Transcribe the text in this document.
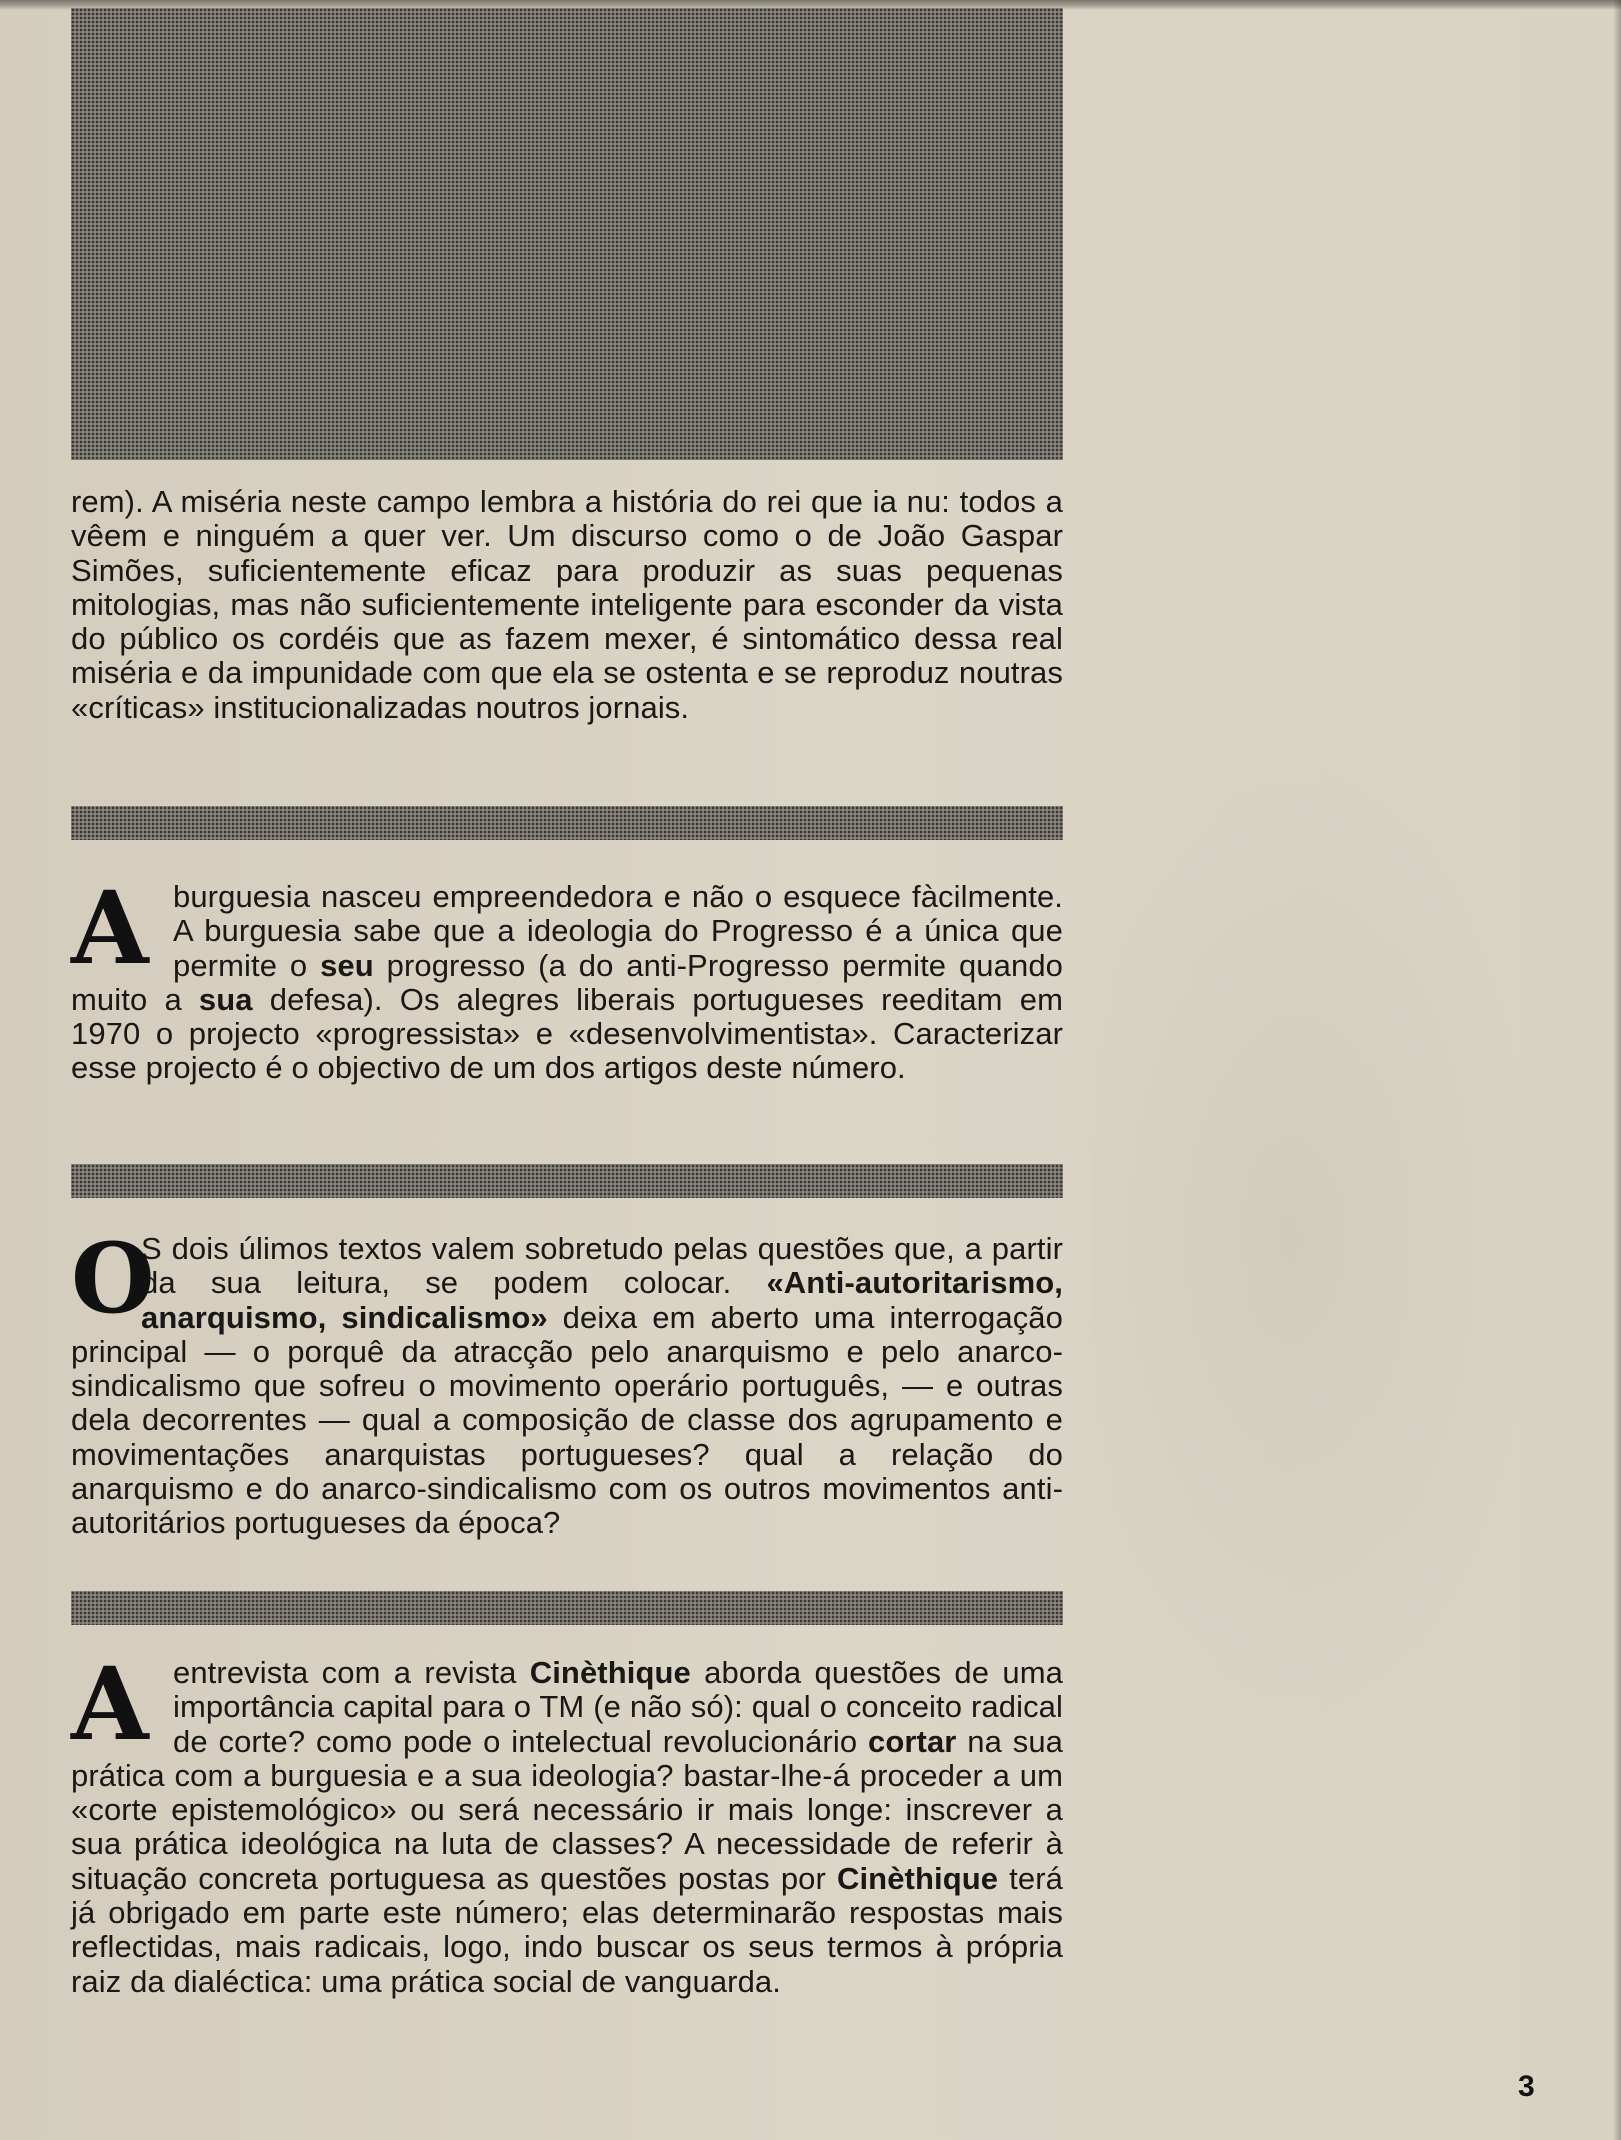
rem). A miséria neste campo lembra a história do rei que ia nu: todos a vêem e ninguém a quer ver. Um discurso como o de João Gaspar Simões, suficientemente eficaz para produzir as suas pequenas mitologias, mas não suficientemente inteligente para esconder da vista do público os cordéis que as fazem mexer, é sintomático dessa real miséria e da impunidade com que ela se ostenta e se reproduz noutras «críticas» institucionalizadas noutros jornais.

A burguesia nasceu empreendedora e não o esquece fàcilmente. A burguesia sabe que a ideologia do Progresso é a única que permite o seu progresso (a do anti-Progresso permite quando muito a sua defesa). Os alegres liberais portugueses reeditam em 1970 o projecto «progressista» e «desenvolvimentista». Caracterizar esse projecto é o objectivo de um dos artigos deste número.
O
S dois úlimos textos valem sobretudo pelas questões que, a partir da sua leitura, se podem colocar. «Anti-autoritarismo, anarquismo, sindicalismo» deixa em aberto uma interrogação principal — o porquê da atracção pelo anarquismo e pelo anarco-sindicalismo que sofreu o movimento operário português, — e outras dela decorrentes — qual a composição de classe dos agrupamento e movimentações anarquistas portugueses? qual a relação do anarquismo e do anarco-sindicalismo com os outros movimentos anti-autoritários portugueses da época?
A entrevista com a revista Cinèthique aborda questões de uma importância capital para o TM (e não só): qual o conceito radical de corte? como pode o intelectual revolucionário cortar na sua prática com a burguesia e a sua ideologia? bastar-lhe-á proceder a um «corte epistemológico» ou será necessário ir mais longe: inscrever a sua prática ideológica na luta de classes? A necessidade de referir à situação concreta portuguesa as questões postas por Cinèthique terá já obrigado em parte este número; elas determinarão respostas mais reflectidas, mais radicais, logo, indo buscar os seus termos à própria raiz da dialéctica: uma prática social de vanguarda.
3
